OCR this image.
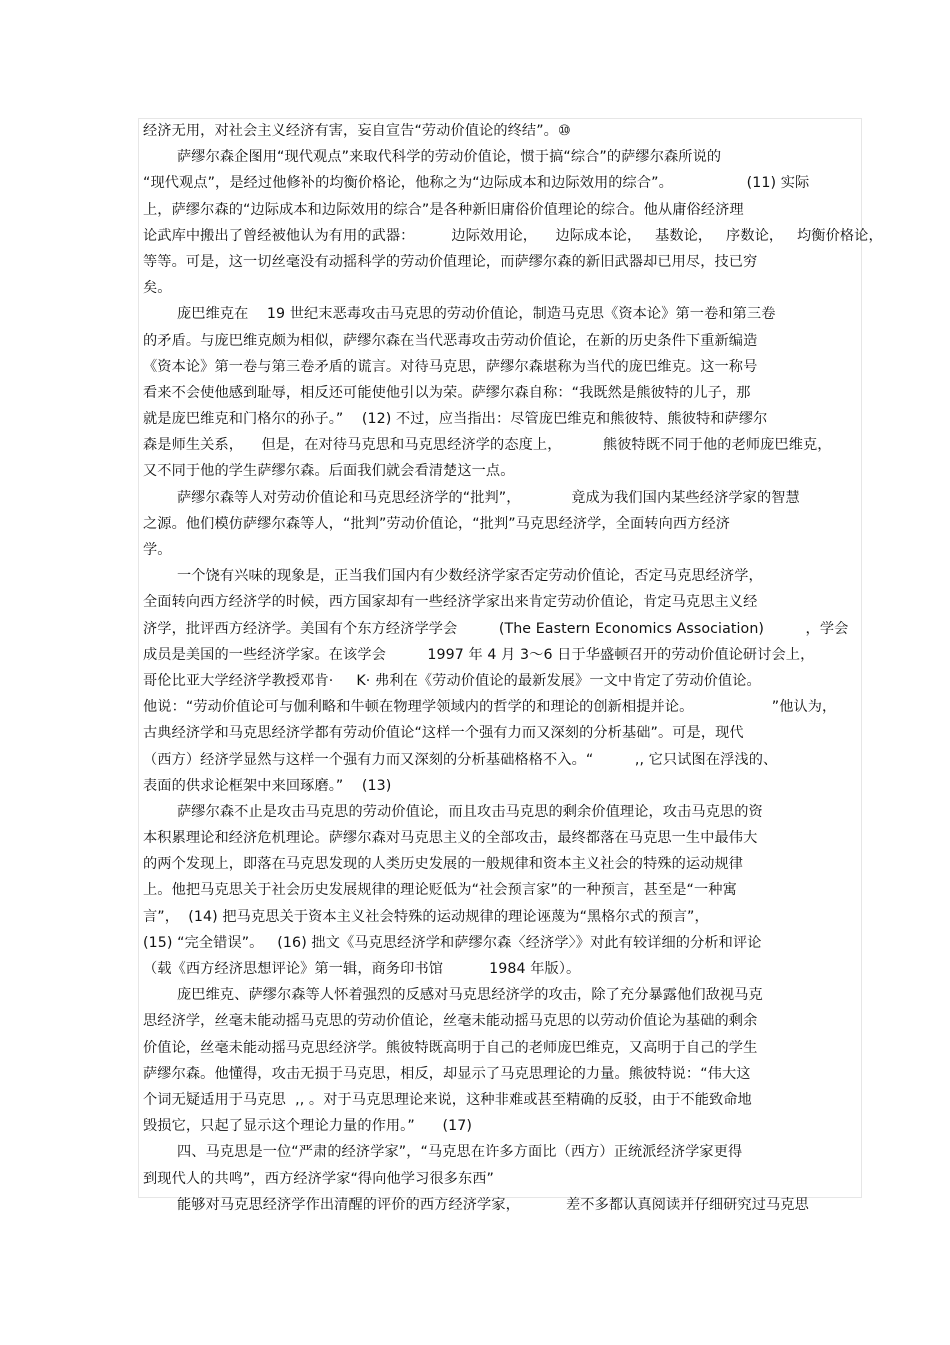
经济无用，对社会主义经济有害，妄自宣告“劳动价值论的终结”。⑩
萨缪尔森企图用“现代观点”来取代科学的劳动价值论，惯于搞“综合”的萨缪尔森所说的
“现代观点”，是经过他修补的均衡价格论，他称之为“边际成本和边际效用的综合”。                (11) 实际
上，萨缪尔森的“边际成本和边际效用的综合”是各种新旧庸俗价值理论的综合。他从庸俗经济理
论武库中搬出了曾经被他认为有用的武器：        边际效用论，    边际成本论，   基数论，   序数论，   均衡价格论，
等等。可是，这一切丝毫没有动摇科学的劳动价值理论，而萨缪尔森的新旧武器却已用尽，技已穷
矣。
庞巴维克在    19 世纪末恶毒攻击马克思的劳动价值论，制造马克思《资本论》第一卷和第三卷
的矛盾。与庞巴维克颇为相似，萨缪尔森在当代恶毒攻击劳动价值论，在新的历史条件下重新编造
《资本论》第一卷与第三卷矛盾的谎言。对待马克思，萨缪尔森堪称为当代的庞巴维克。这一称号
看来不会使他感到耻辱，相反还可能使他引以为荣。萨缪尔森自称：“我既然是熊彼特的儿子，那
就是庞巴维克和门格尔的孙子。”    (12) 不过，应当指出：尽管庞巴维克和熊彼特、熊彼特和萨缪尔
森是师生关系，    但是，在对待马克思和马克思经济学的态度上，         熊彼特既不同于他的老师庞巴维克，
又不同于他的学生萨缪尔森。后面我们就会看清楚这一点。
萨缪尔森等人对劳动价值论和马克思经济学的“批判”，           竟成为我们国内某些经济学家的智慧
之源。他们模仿萨缪尔森等人，“批判”劳动价值论，“批判”马克思经济学，全面转向西方经济
学。
一个饶有兴味的现象是，正当我们国内有少数经济学家否定劳动价值论，否定马克思经济学，
全面转向西方经济学的时候，西方国家却有一些经济学家出来肯定劳动价值论，肯定马克思主义经
济学，批评西方经济学。美国有个东方经济学学会         (The Eastern Economics Association)         ，学会
成员是美国的一些经济学家。在该学会         1997 年 4 月 3～6 日于华盛顿召开的劳动价值论研讨会上，
哥伦比亚大学经济学教授邓肯·     K· 弗利在《劳动价值论的最新发展》一文中肯定了劳动价值论。
他说：“劳动价值论可与伽利略和牛顿在物理学领域内的哲学的和理论的创新相提并论。                 ”他认为，
古典经济学和马克思经济学都有劳动价值论“这样一个强有力而又深刻的分析基础”。可是，现代
（西方）经济学显然与这样一个强有力而又深刻的分析基础格格不入。“         ,, 它只试图在浮浅的、
表面的供求论框架中来回琢磨。”    (13)
萨缪尔森不止是攻击马克思的劳动价值论，而且攻击马克思的剩余价值理论，攻击马克思的资
本积累理论和经济危机理论。萨缪尔森对马克思主义的全部攻击，最终都落在马克思一生中最伟大
的两个发现上，即落在马克思发现的人类历史发展的一般规律和资本主义社会的特殊的运动规律
上。他把马克思关于社会历史发展规律的理论贬低为“社会预言家”的一种预言，甚至是“一种寓
言”，  (14) 把马克思关于资本主义社会特殊的运动规律的理论诬蔑为“黑格尔式的预言”，
(15) “完全错误”。   (16) 拙文《马克思经济学和萨缪尔森〈经济学〉》对此有较详细的分析和评论
（载《西方经济思想评论》第一辑，商务印书馆          1984 年版）。
庞巴维克、萨缪尔森等人怀着强烈的反感对马克思经济学的攻击，除了充分暴露他们敌视马克
思经济学，丝毫未能动摇马克思的劳动价值论，丝毫未能动摇马克思的以劳动价值论为基础的剩余
价值论，丝毫未能动摇马克思经济学。熊彼特既高明于自己的老师庞巴维克，又高明于自己的学生
萨缪尔森。他懂得，攻击无损于马克思，相反，却显示了马克思理论的力量。熊彼特说：“伟大这
个词无疑适用于马克思  ,, 。对于马克思理论来说，这种非难或甚至精确的反驳，由于不能致命地
毁损它，只起了显示这个理论力量的作用。”      (17)
四、马克思是一位“严肃的经济学家”，“马克思在许多方面比（西方）正统派经济学家更得
到现代人的共鸣”，西方经济学家“得向他学习很多东西”
能够对马克思经济学作出清醒的评价的西方经济学家，          差不多都认真阅读并仔细研究过马克思
